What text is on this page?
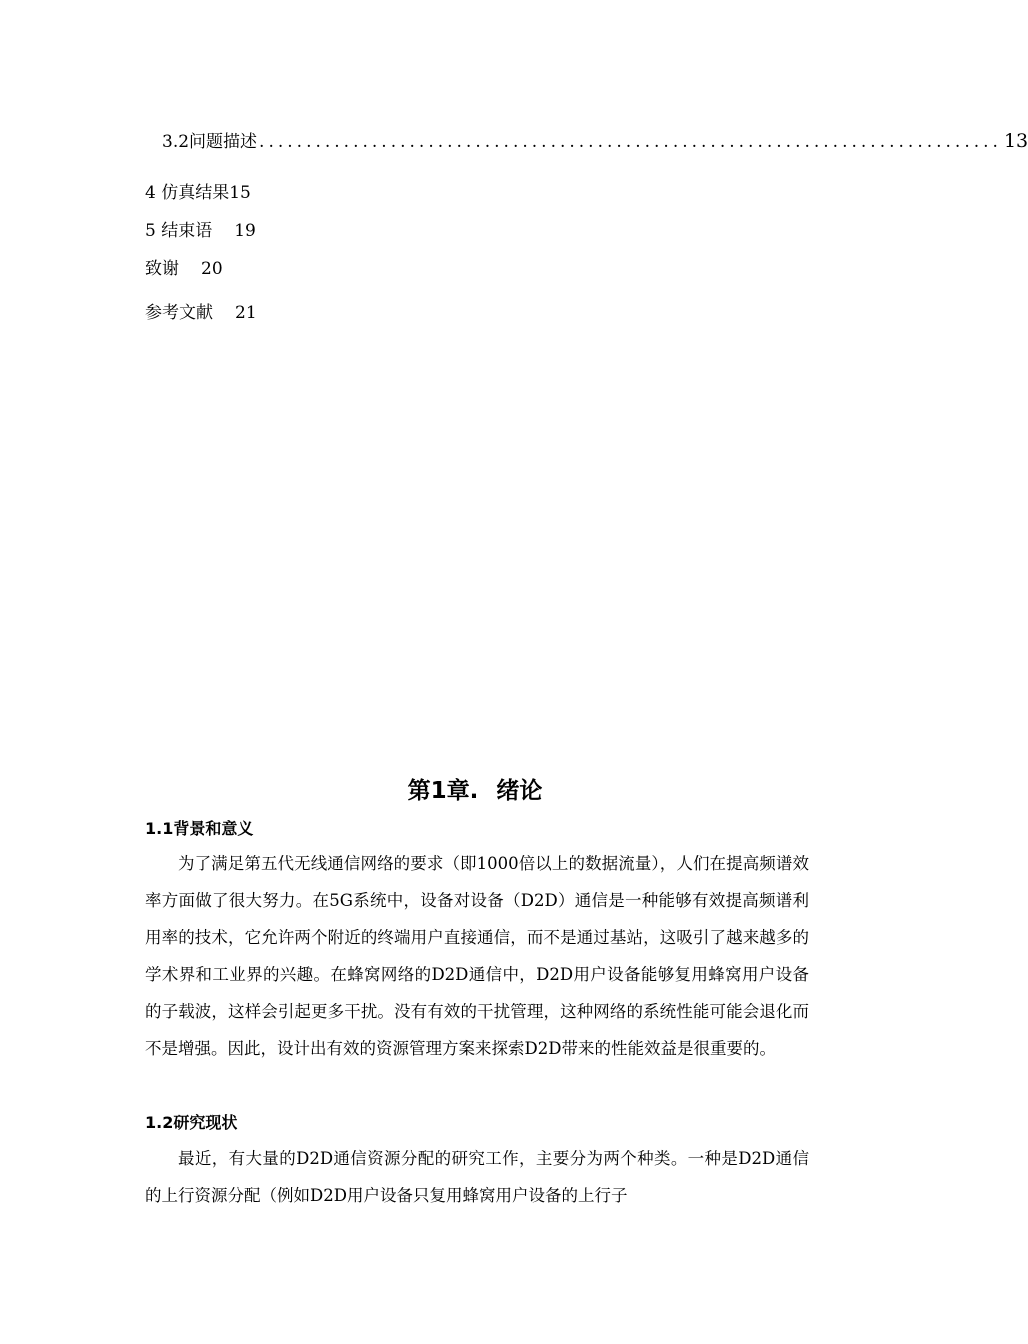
3.2问题描述 ............................................................................... 13
4 仿真结果15
5 结束语 19
致谢 20
参考文献 21
第1章. 绪论
1.1背景和意义

为了满足第五代无线通信网络的要求（即1000倍以上的数据流量），人们在提高频谱效率方面做了很大努力。在5G系统中，设备对设备（D2D）通信是一种能够有效提高频谱利用率的技术，它允许两个附近的终端用户直接通信，而不是通过基站，这吸引了越来越多的学术界和工业界的兴趣。在蜂窝网络的D2D通信中，D2D用户设备能够复用蜂窝用户设备的子载波，这样会引起更多干扰。没有有效的干扰管理，这种网络的系统性能可能会退化而不是增强。因此，设计出有效的资源管理方案来探索D2D带来的性能效益是很重要的。

1.2研究现状

最近，有大量的D2D通信资源分配的研究工作，主要分为两个种类。一种是D2D通信的上行资源分配（例如D2D用户设备只复用蜂窝用户设备的上行子
